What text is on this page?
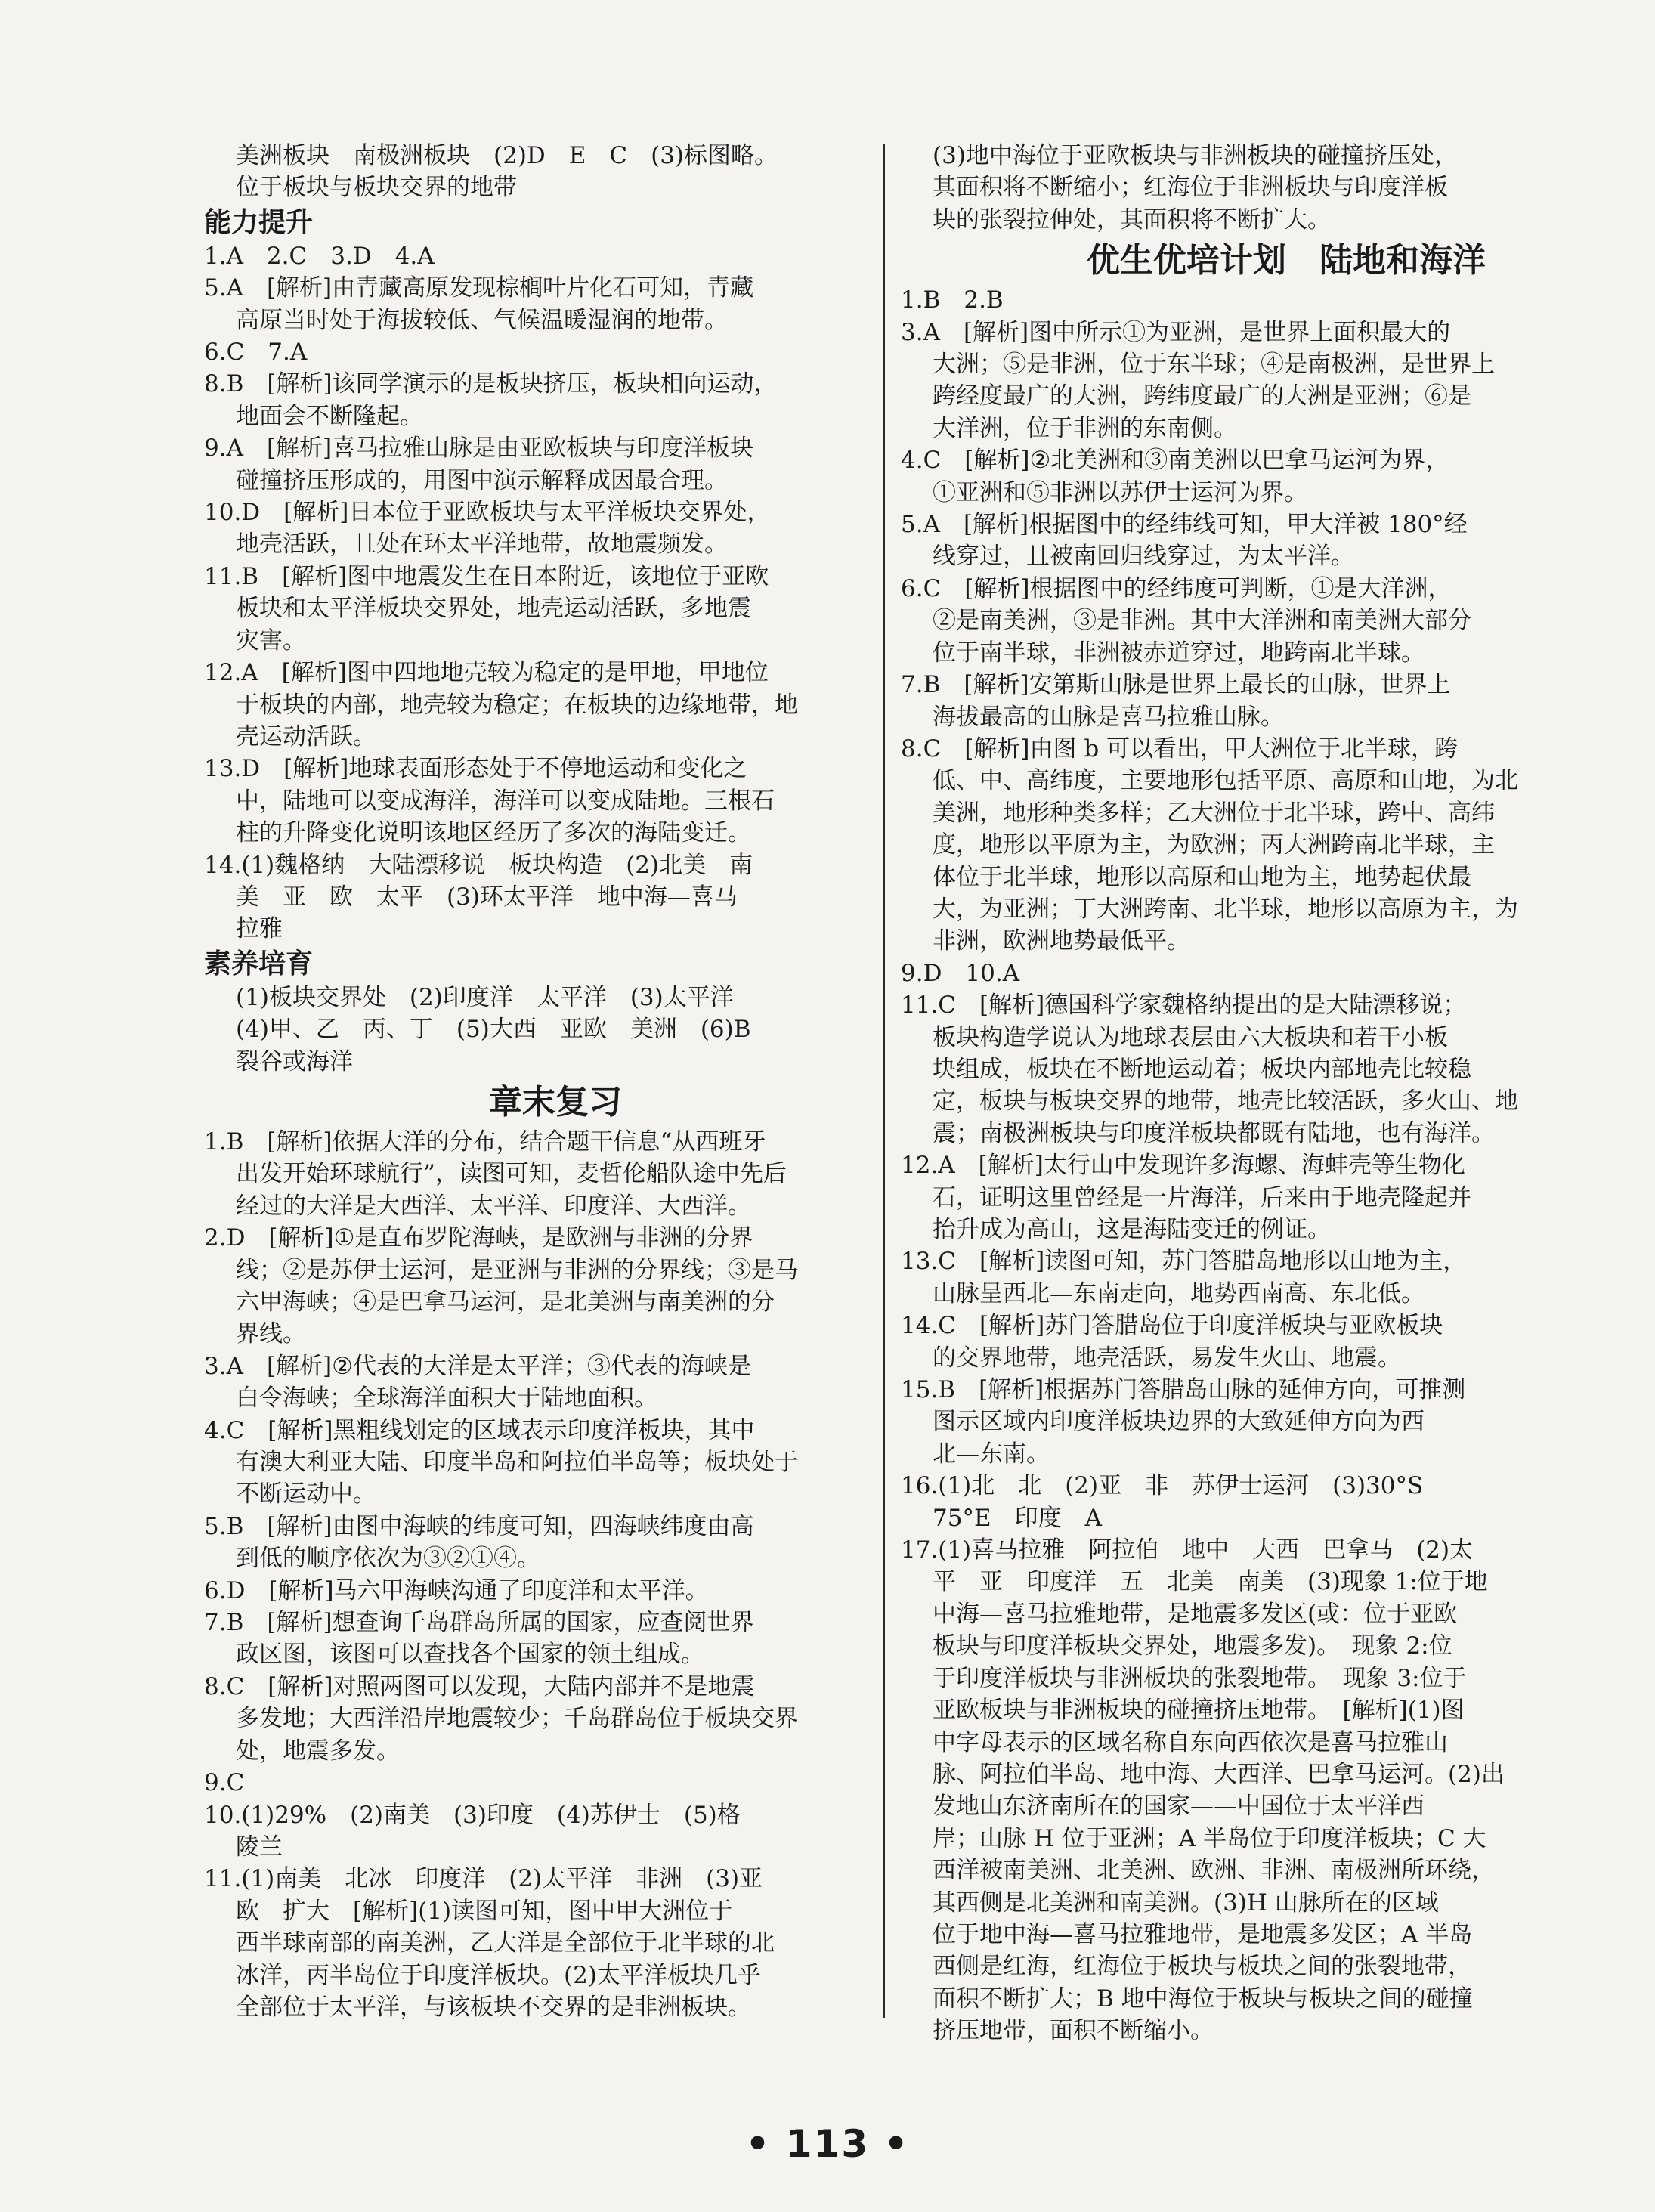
美洲板块　南极洲板块　(2)D　E　C　(3)标图略。
位于板块与板块交界的地带
能力提升
1.A　2.C　3.D　4.A
5.A　[解析]由青藏高原发现棕榈叶片化石可知，青藏
高原当时处于海拔较低、气候温暖湿润的地带。
6.C　7.A
8.B　[解析]该同学演示的是板块挤压，板块相向运动，
地面会不断隆起。
9.A　[解析]喜马拉雅山脉是由亚欧板块与印度洋板块
碰撞挤压形成的，用图中演示解释成因最合理。
10.D　[解析]日本位于亚欧板块与太平洋板块交界处，
地壳活跃，且处在环太平洋地带，故地震频发。
11.B　[解析]图中地震发生在日本附近，该地位于亚欧
板块和太平洋板块交界处，地壳运动活跃，多地震
灾害。
12.A　[解析]图中四地地壳较为稳定的是甲地，甲地位
于板块的内部，地壳较为稳定；在板块的边缘地带，地
壳运动活跃。
13.D　[解析]地球表面形态处于不停地运动和变化之
中，陆地可以变成海洋，海洋可以变成陆地。三根石
柱的升降变化说明该地区经历了多次的海陆变迁。
14.(1)魏格纳　大陆漂移说　板块构造　(2)北美　南
美　亚　欧　太平　(3)环太平洋　地中海—喜马
拉雅
素养培育
(1)板块交界处　(2)印度洋　太平洋　(3)太平洋
(4)甲、乙　丙、丁　(5)大西　亚欧　美洲　(6)B
裂谷或海洋
章末复习
1.B　[解析]依据大洋的分布，结合题干信息“从西班牙
出发开始环球航行”，读图可知，麦哲伦船队途中先后
经过的大洋是大西洋、太平洋、印度洋、大西洋。
2.D　[解析]①是直布罗陀海峡，是欧洲与非洲的分界
线；②是苏伊士运河，是亚洲与非洲的分界线；③是马
六甲海峡；④是巴拿马运河，是北美洲与南美洲的分
界线。
3.A　[解析]②代表的大洋是太平洋；③代表的海峡是
白令海峡；全球海洋面积大于陆地面积。
4.C　[解析]黑粗线划定的区域表示印度洋板块，其中
有澳大利亚大陆、印度半岛和阿拉伯半岛等；板块处于
不断运动中。
5.B　[解析]由图中海峡的纬度可知，四海峡纬度由高
到低的顺序依次为③②①④。
6.D　[解析]马六甲海峡沟通了印度洋和太平洋。
7.B　[解析]想查询千岛群岛所属的国家，应查阅世界
政区图，该图可以查找各个国家的领土组成。
8.C　[解析]对照两图可以发现，大陆内部并不是地震
多发地；大西洋沿岸地震较少；千岛群岛位于板块交界
处，地震多发。
9.C
10.(1)29%　(2)南美　(3)印度　(4)苏伊士　(5)格
陵兰
11.(1)南美　北冰　印度洋　(2)太平洋　非洲　(3)亚
欧　扩大　[解析](1)读图可知，图中甲大洲位于
西半球南部的南美洲，乙大洋是全部位于北半球的北
冰洋，丙半岛位于印度洋板块。(2)太平洋板块几乎
全部位于太平洋，与该板块不交界的是非洲板块。
(3)地中海位于亚欧板块与非洲板块的碰撞挤压处，
其面积将不断缩小；红海位于非洲板块与印度洋板
块的张裂拉伸处，其面积将不断扩大。
优生优培计划　陆地和海洋
1.B　2.B
3.A　[解析]图中所示①为亚洲，是世界上面积最大的
大洲；⑤是非洲，位于东半球；④是南极洲，是世界上
跨经度最广的大洲，跨纬度最广的大洲是亚洲；⑥是
大洋洲，位于非洲的东南侧。
4.C　[解析]②北美洲和③南美洲以巴拿马运河为界，
①亚洲和⑤非洲以苏伊士运河为界。
5.A　[解析]根据图中的经纬线可知，甲大洋被 180°经
线穿过，且被南回归线穿过，为太平洋。
6.C　[解析]根据图中的经纬度可判断，①是大洋洲，
②是南美洲，③是非洲。其中大洋洲和南美洲大部分
位于南半球，非洲被赤道穿过，地跨南北半球。
7.B　[解析]安第斯山脉是世界上最长的山脉，世界上
海拔最高的山脉是喜马拉雅山脉。
8.C　[解析]由图 b 可以看出，甲大洲位于北半球，跨
低、中、高纬度，主要地形包括平原、高原和山地，为北
美洲，地形种类多样；乙大洲位于北半球，跨中、高纬
度，地形以平原为主，为欧洲；丙大洲跨南北半球，主
体位于北半球，地形以高原和山地为主，地势起伏最
大，为亚洲；丁大洲跨南、北半球，地形以高原为主，为
非洲，欧洲地势最低平。
9.D　10.A
11.C　[解析]德国科学家魏格纳提出的是大陆漂移说；
板块构造学说认为地球表层由六大板块和若干小板
块组成，板块在不断地运动着；板块内部地壳比较稳
定，板块与板块交界的地带，地壳比较活跃，多火山、地
震；南极洲板块与印度洋板块都既有陆地，也有海洋。
12.A　[解析]太行山中发现许多海螺、海蚌壳等生物化
石，证明这里曾经是一片海洋，后来由于地壳隆起并
抬升成为高山，这是海陆变迁的例证。
13.C　[解析]读图可知，苏门答腊岛地形以山地为主，
山脉呈西北—东南走向，地势西南高、东北低。
14.C　[解析]苏门答腊岛位于印度洋板块与亚欧板块
的交界地带，地壳活跃，易发生火山、地震。
15.B　[解析]根据苏门答腊岛山脉的延伸方向，可推测
图示区域内印度洋板块边界的大致延伸方向为西
北—东南。
16.(1)北　北　(2)亚　非　苏伊士运河　(3)30°S
75°E　印度　A
17.(1)喜马拉雅　阿拉伯　地中　大西　巴拿马　(2)太
平　亚　印度洋　五　北美　南美　(3)现象 1:位于地
中海—喜马拉雅地带，是地震多发区(或：位于亚欧
板块与印度洋板块交界处，地震多发)。　现象 2:位
于印度洋板块与非洲板块的张裂地带。　现象 3:位于
亚欧板块与非洲板块的碰撞挤压地带。　[解析](1)图
中字母表示的区域名称自东向西依次是喜马拉雅山
脉、阿拉伯半岛、地中海、大西洋、巴拿马运河。(2)出
发地山东济南所在的国家——中国位于太平洋西
岸；山脉 H 位于亚洲；A 半岛位于印度洋板块；C 大
西洋被南美洲、北美洲、欧洲、非洲、南极洲所环绕，
其西侧是北美洲和南美洲。(3)H 山脉所在的区域
位于地中海—喜马拉雅地带，是地震多发区；A 半岛
西侧是红海，红海位于板块与板块之间的张裂地带，
面积不断扩大；B 地中海位于板块与板块之间的碰撞
挤压地带，面积不断缩小。
• 113 •
